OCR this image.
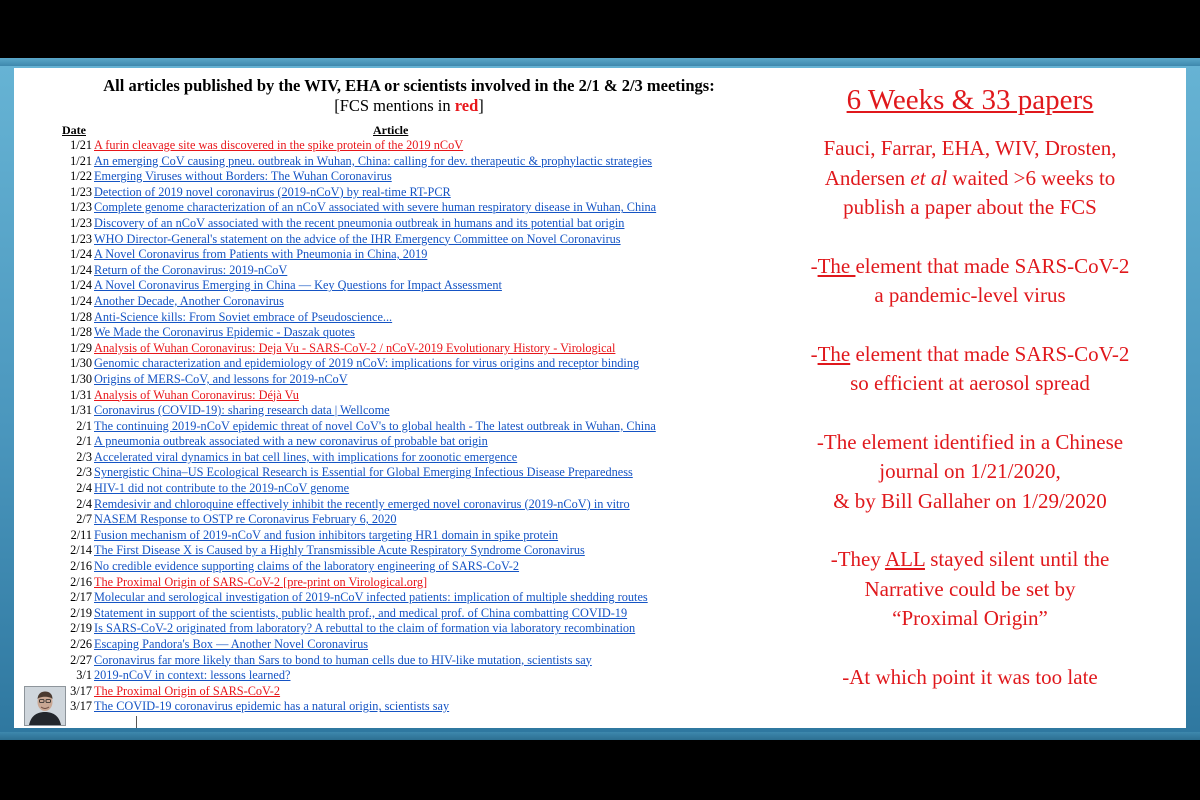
All articles published by the WIV, EHA or scientists involved in the 2/1 & 2/3 meetings:
[FCS mentions in red]
Date	Article
1/21 A furin cleavage site was discovered in the spike protein of the 2019 nCoV
1/21 An emerging CoV causing pneu. outbreak in Wuhan, China: calling for dev. therapeutic & prophylactic strategies
1/22 Emerging Viruses without Borders: The Wuhan Coronavirus
1/23 Detection of 2019 novel coronavirus (2019-nCoV) by real-time RT-PCR
1/23 Complete genome characterization of an nCoV associated with severe human respiratory disease in Wuhan, China
1/23 Discovery of an nCoV associated with the recent pneumonia outbreak in humans and its potential bat origin
1/23 WHO Director-General's statement on the advice of the IHR Emergency Committee on Novel Coronavirus
1/24 A Novel Coronavirus from Patients with Pneumonia in China, 2019
1/24 Return of the Coronavirus: 2019-nCoV
1/24 A Novel Coronavirus Emerging in China — Key Questions for Impact Assessment
1/24 Another Decade, Another Coronavirus
1/28 Anti-Science kills: From Soviet embrace of Pseudoscience...
1/28 We Made the Coronavirus Epidemic - Daszak quotes
1/29 Analysis of Wuhan Coronavirus: Deja Vu - SARS-CoV-2 / nCoV-2019 Evolutionary History - Virological
1/30 Genomic characterization and epidemiology of 2019 nCoV: implications for virus origins and receptor binding
1/30 Origins of MERS-CoV, and lessons for 2019-nCoV
1/31 Analysis of Wuhan Coronavirus: Déjà Vu
1/31 Coronavirus (COVID-19): sharing research data | Wellcome
2/1 The continuing 2019-nCoV epidemic threat of novel CoV's to global health - The latest outbreak in Wuhan, China
2/1 A pneumonia outbreak associated with a new coronavirus of probable bat origin
2/3 Accelerated viral dynamics in bat cell lines, with implications for zoonotic emergence
2/3 Synergistic China–US Ecological Research is Essential for Global Emerging Infectious Disease Preparedness
2/4 HIV-1 did not contribute to the 2019-nCoV genome
2/4 Remdesivir and chloroquine effectively inhibit the recently emerged novel coronavirus (2019-nCoV) in vitro
2/7 NASEM Response to OSTP re Coronavirus February 6, 2020
2/11 Fusion mechanism of 2019-nCoV and fusion inhibitors targeting HR1 domain in spike protein
2/14 The First Disease X is Caused by a Highly Transmissible Acute Respiratory Syndrome Coronavirus
2/16 No credible evidence supporting claims of the laboratory engineering of SARS-CoV-2
2/16 The Proximal Origin of SARS-CoV-2 [pre-print on Virological.org]
2/17 Molecular and serological investigation of 2019-nCoV infected patients: implication of multiple shedding routes
2/19 Statement in support of the scientists, public health prof., and medical prof. of China combatting COVID-19
2/19 Is SARS-CoV-2 originated from laboratory? A rebuttal to the claim of formation via laboratory recombination
2/26 Escaping Pandora's Box — Another Novel Coronavirus
2/27 Coronavirus far more likely than Sars to bond to human cells due to HIV-like mutation, scientists say
3/1 2019-nCoV in context: lessons learned?
3/17 The Proximal Origin of SARS-CoV-2
3/17 The COVID-19 coronavirus epidemic has a natural origin, scientists say
6 Weeks & 33 papers
Fauci, Farrar, EHA, WIV, Drosten,
Andersen et al waited >6 weeks to
publish a paper about the FCS
-The element that made SARS-CoV-2
a pandemic-level virus
-The element that made SARS-CoV-2
so efficient at aerosol spread
-The element identified in a Chinese
journal on 1/21/2020,
& by Bill Gallaher on 1/29/2020
-They ALL stayed silent until the
Narrative could be set by
“Proximal Origin”
-At which point it was too late
